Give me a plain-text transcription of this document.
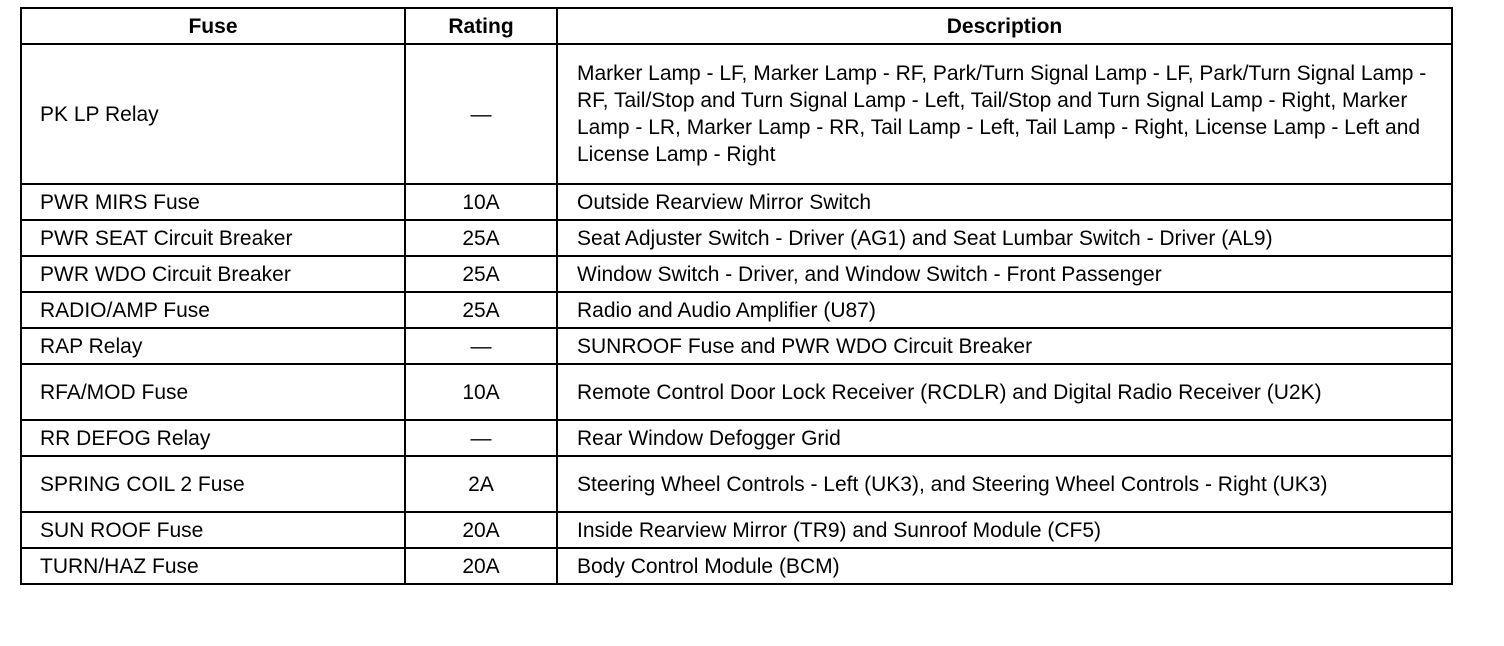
Fuse	Rating	Description
PK LP Relay	—	Marker Lamp - LF, Marker Lamp - RF, Park/Turn Signal Lamp - LF, Park/Turn Signal Lamp - RF, Tail/Stop and Turn Signal Lamp - Left, Tail/Stop and Turn Signal Lamp - Right, Marker Lamp - LR, Marker Lamp - RR, Tail Lamp - Left, Tail Lamp - Right, License Lamp - Left and License Lamp - Right
PWR MIRS Fuse	10A	Outside Rearview Mirror Switch
PWR SEAT Circuit Breaker	25A	Seat Adjuster Switch - Driver (AG1) and Seat Lumbar Switch - Driver (AL9)
PWR WDO Circuit Breaker	25A	Window Switch - Driver, and Window Switch - Front Passenger
RADIO/AMP Fuse	25A	Radio and Audio Amplifier (U87)
RAP Relay	—	SUNROOF Fuse and PWR WDO Circuit Breaker
RFA/MOD Fuse	10A	Remote Control Door Lock Receiver (RCDLR) and Digital Radio Receiver (U2K)
RR DEFOG Relay	—	Rear Window Defogger Grid
SPRING COIL 2 Fuse	2A	Steering Wheel Controls - Left (UK3), and Steering Wheel Controls - Right (UK3)
SUN ROOF Fuse	20A	Inside Rearview Mirror (TR9) and Sunroof Module (CF5)
TURN/HAZ Fuse	20A	Body Control Module (BCM)
